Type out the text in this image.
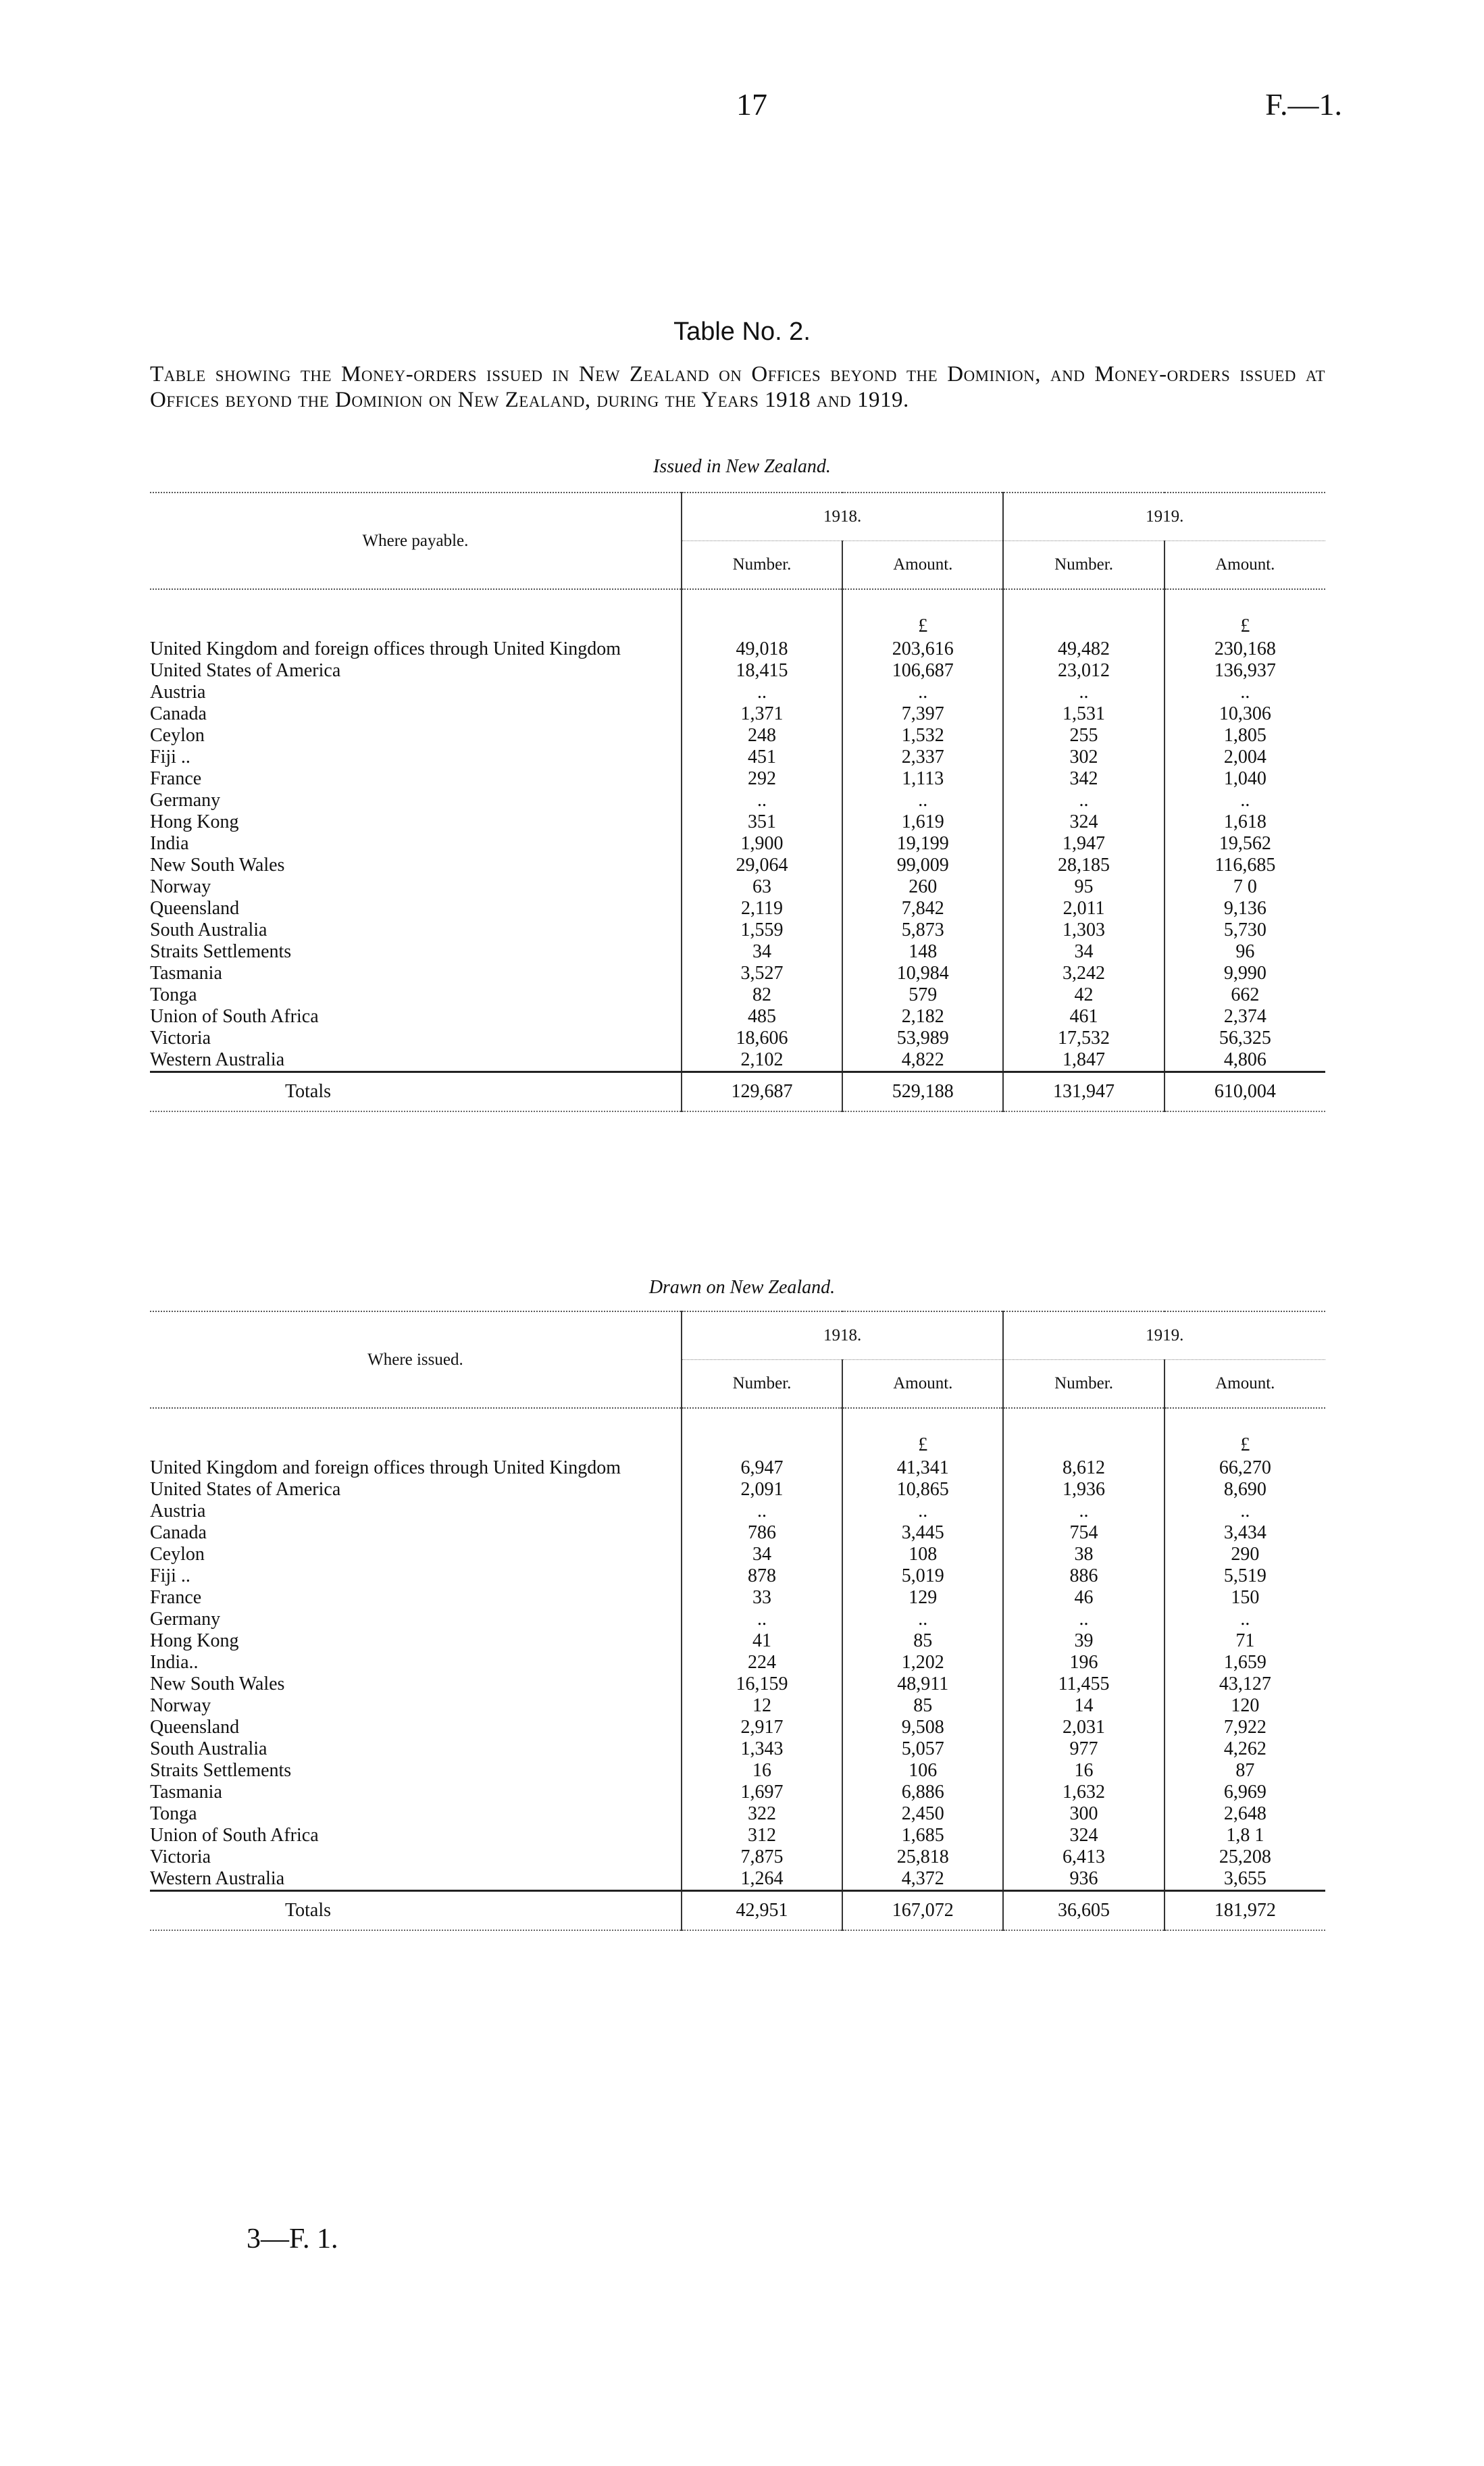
17	F.—1.
Table No. 2.
Table showing the Money-orders issued in New Zealand on Offices beyond the Dominion, and Money-orders issued at Offices beyond the Dominion on New Zealand, during the Years 1918 and 1919.
Issued in New Zealand.
Where payable.	1918.		1919.	
	Number.	Amount.	Number.	Amount.
		£		£
United Kingdom and foreign offices through United Kingdom	49,018	203,616	49,482	230,168
United States of America	18,415	106,687	23,012	136,937
Austria	..	..	..	..
Canada	1,371	7,397	1,531	10,306
Ceylon	248	1,532	255	1,805
Fiji ..	451	2,337	302	2,004
France	292	1,113	342	1,040
Germany	..	..	..	..
Hong Kong	351	1,619	324	1,618
India	1,900	19,199	1,947	19,562
New South Wales	29,064	99,009	28,185	116,685
Norway	63	260	95	7 0
Queensland	2,119	7,842	2,011	9,136
South Australia	1,559	5,873	1,303	5,730
Straits Settlements	34	148	34	96
Tasmania	3,527	10,984	3,242	9,990
Tonga	82	579	42	662
Union of South Africa	485	2,182	461	2,374
Victoria	18,606	53,989	17,532	56,325
Western Australia	2,102	4,822	1,847	4,806
Totals	129,687	529,188	131,947	610,004

Drawn on New Zealand.
Where issued.	1918.		1919.	
	Number.	Amount.	Number.	Amount.
		£		£
United Kingdom and foreign offices through United Kingdom	6,947	41,341	8,612	66,270
United States of America	2,091	10,865	1,936	8,690
Austria	..	..	..	..
Canada	786	3,445	754	3,434
Ceylon	34	108	38	290
Fiji ..	878	5,019	886	5,519
France	33	129	46	150
Germany	..	..	..	..
Hong Kong	41	85	39	71
India..	224	1,202	196	1,659
New South Wales	16,159	48,911	11,455	43,127
Norway	12	85	14	120
Queensland	2,917	9,508	2,031	7,922
South Australia	1,343	5,057	977	4,262
Straits Settlements	16	106	16	87
Tasmania	1,697	6,886	1,632	6,969
Tonga	322	2,450	300	2,648
Union of South Africa	312	1,685	324	1,8 1
Victoria	7,875	25,818	6,413	25,208
Western Australia	1,264	4,372	936	3,655
Totals	42,951	167,072	36,605	181,972

3—F. 1.
